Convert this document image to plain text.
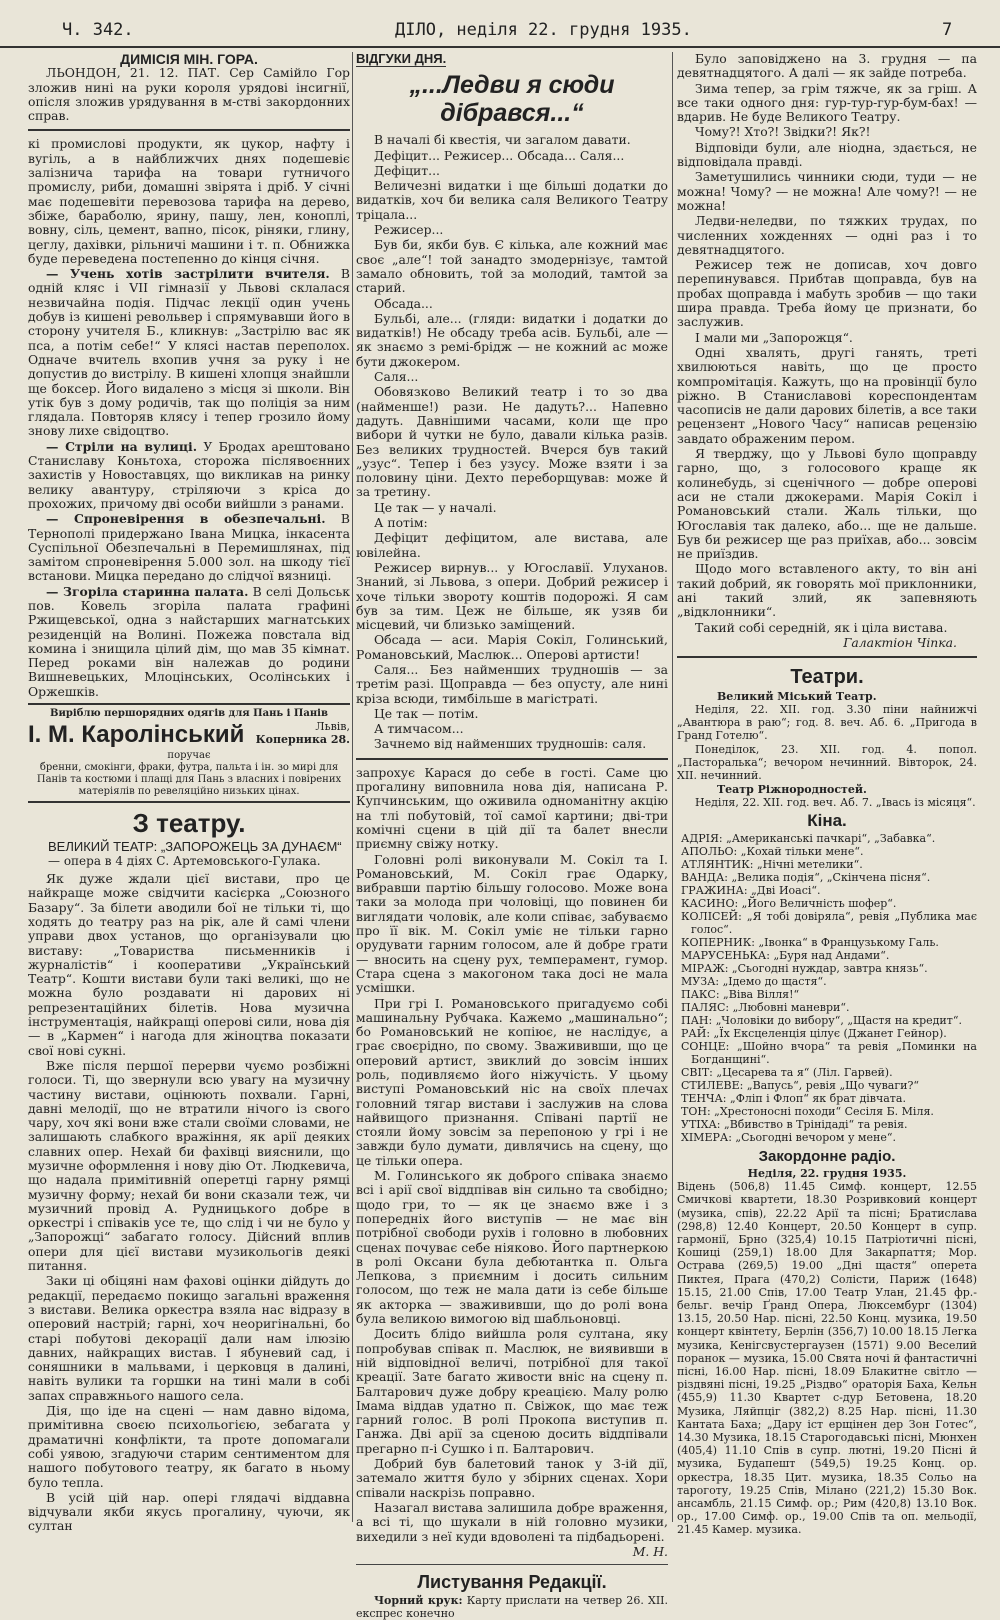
Ч. 342.	ДІЛО, неділя 22. грудня 1935.	7
ДИМІСІЯ МІН. ГОРА.

ЛЬОНДОН, 21. 12. ПАТ. Сер Самійло Гор зложив нині на руки короля урядові інсигнії, опісля зложив урядування в м-стві закордонних справ.

кі промислові продукти, як цукор, нафту і вугіль, а в найближчих днях подешевіє залізнича тарифа на товари гутничого промислу, риби, домашні звірята і дріб. У січні має подешевіти перевозова тарифа на дерево, збіже, бараболю, ярину, пашу, лен, коноплі, вовну, сіль, цемент, вапно, пісок, ріняки, глину, цеглу, дахівки, рільничі машини і т. п. Обнижка буде переведена постепенно до кінця січня.

— Учень хотів застрілити вчителя. В одній кляс і VII гімназії у Львові склалася незвичайна подія. Підчас лекції один учень добув із кишені револьвер і спрямувавши його в сторону учителя Б., кликнув: „Застрілю вас як пса, а потім себе!“ У клясі настав переполох. Одначе вчитель вхопив учня за руку і не допустив до вистрілу. В кишені хлопця знайшли ще боксер. Його видалено з місця зі школи. Він утік був з дому родичів, так що поліція за ним глядала. Повторяв клясу і тепер грозило йому знову лихе свідоцтво.

— Стріли на вулиці. У Бродах арештовано Станиславу Коньтоха, сторожа післявоєнних захистів у Новоставцях, що викликав на ринку велику авантуру, стріляючи з кріса до прохожих, причому дві особи вийшли з ранами.

— Спроневірення в обезпечальні. В Тернополі придержано Івана Мицка, інкасента Суспільної Обезпечальні в Перемишлянах, під замітом спроневірення 5.000 зол. на шкоду тієї встанови. Мицка передано до слідчої вязниці.

— Згоріла старинна палата. В селі Дольськ пов. Ковель згоріла палата графині Ржищевської, одна з найстарших магнатських резиденцій на Волині. Пожежа повстала від комина і знищила цілий дім, що мав 35 кімнат. Перед роками він належав до родини Вишневецьких, Млоцінських, Осолінських і Оржешків.

Виріблю першорядних одягів для Пань і Панів
Львів,
Коперника 28.
І. М. Каролінський
поручає
бренни, смокінги, фраки, футра, пальта і ін. зо мирі для Панів та костюми і плащі для Пань з власних і повірених матеріялів по ревеляційно низьких цінах.
З театру.
ВЕЛИКИЙ ТЕАТР: „ЗАПОРОЖЕЦЬ ЗА ДУНАЄМ“
— опера в 4 діях С. Артемовського-Гулака.

Як дуже ждали цієї вистави, про це найкраще може свідчити касієрка „Союзного Базару“. За білети аводили бої не тільки ті, що ходять до театру раз на рік, але й самі члени управи двох установ, що організували цю виставу: „Товариства письменників і журналістів“ і кооперативи „Український Театр“. Кошти вистави були такі великі, що не можна було роздавати ні дарових ні репрезентаційних білетів. Нова музична інструментація, найкращі оперові сили, нова дія — в „Кармен“ і нагода для жіноцтва показати свої нові сукні.

Вже після першої перерви чуємо розбіжні голоси. Ті, що звернули всю увагу на музичну частину вистави, оцінюють похвали. Гарні, давні мелодії, що не втратили нічого із свого чару, хоч які вони вже стали своїми словами, не залишають слабкого вражіння, як арії деяких славних опер. Нехай би фахівці вияснили, що музичне оформлення і нову дію От. Людкевича, що надала примітивній оперетці гарну рямці музичну форму; нехай би вони сказали теж, чи музичний провід А. Рудницького добре в оркестрі і співаків усе те, що слід і чи не було у „Запорожці“ забагато голосу. Дійсний вплив опери для цієї вистави музикольогів деякі питання.

Заки ці обіцяні нам фахові оцінки дійдуть до редакції, передаємо покищо загальні враження з вистави. Велика оркестра взяла нас відразу в оперовий настрій; гарні, хоч неоригінальні, бо старі побутові декорації дали нам ілюзію давних, найкращих вистав. І ябуневий сад, і соняшники в мальвами, і церковця в далині, навіть вулики та горшки на тині мали в собі запах справжнього нашого села.

Дія, що іде на сцені — нам давно відома, примітивна своєю психольогією, зебагата у драматичні конфлікти, та проте допомагали собі уявою, згадуючи старим сентиментом для нашого побутового театру, як багато в ньому було тепла.

В усій цій нар. опері глядачі віддавна відчували якби якусь прогалину, чуючи, як султан

ВІДГУКИ ДНЯ.
„...Ледви я сюди дібрався...“

В началі бі квестія, чи загалом давати.

Дефіцит... Режисер... Обсада... Саля...

Дефіцит...

Величезні видатки і ще більші додатки до видатків, хоч би велика саля Великого Театру тріцала...

Режисер...

Був би, якби був. Є кілька, але кожний має своє „але“! той занадто змодернізує, тамтой замало обновить, той за молодий, тамтой за старий.

Обсада...

Бульбі, але... (гляди: видатки і додатки до видатків!) Не обсаду треба асів. Бульбі, але — як знаємо з ремі-брідж — не кожний ас може бути джокером.

Саля...

Обовязково Великий театр і то зо два (найменше!) рази. Не дадуть?... Напевно дадуть. Давнішими часами, коли ще про вибори й чутки не було, давали кілька разів. Без великих трудностей. Вчерся був такий „узус“. Тепер і без узусу. Може взяти і за половину ціни. Дехто переборщував: може й за третину.

Це так — у началі.

А потім:

Дефіцит дефіцитом, але вистава, але ювілейна.

Режисер вирнув... у Югославії. Улуханов. Знаний, зі Львова, з опери. Добрий режисер і хоче тільки звороту коштів подорожі. Я сам був за тим. Цеж не більше, як узяв би місцевий, чи близько заміщений.

Обсада — аси. Марія Сокіл, Голинський, Романовський, Маслюк... Оперові артисти!

Саля... Без найменших трудношів — за третім разі. Щоправда — без опусту, але нині кріза всюди, тимбільше в магістраті.

Це так — потім.

А тимчасом...

Зачнемо від найменших трудношів: саля.

запрохує Карася до себе в гості. Саме цю прогалину виповнила нова дія, написана Р. Купчинським, що оживила одноманітну акцію на тлі побутовій, тої самої картини; дві-три комічні сцени в цій дії та балет внесли приємну свіжу нотку.

Головні ролі виконували М. Сокіл та І. Романовський, М. Сокіл грає Одарку, вибравши партію більшу голосово. Може вона таки за молода при чоловіці, що повинен би виглядати чоловік, але коли співає, забуваємо про її вік. М. Сокіл уміє не тільки гарно орудувати гарним голосом, але й добре грати — вносить на сцену рух, темперамент, гумор. Стара сцена з макогоном така досі не мала усмішки.

При грі І. Романовського пригадуємо собі машинальну Рубчака. Кажемо „машинально“; бо Романовський не копіює, не наслідує, а грає своєрідно, по свому. Зважививши, що це оперовий артист, звиклий до зовсім інших роль, подивляємо його ніжучість. У цьому виступі Романовський ніс на своїх плечах головний тягар вистави і заслужив на слова найвищого признання. Співані партії не стояли йому зовсім за перепоною у грі і не завжди було думати, дивлячись на сцену, що це тільки опера.

М. Голинського як доброго співака знаємо всі і арії свої віддпівав він сильно та свобідно; щодо гри, то — як це знаємо вже і з попередніх його виступів — не має він потрібної свободи рухів і головно в любовних сценах почуває себе ніяково. Його партнеркою в ролі Оксани була дебютантка п. Ольга Лепкова, з приємним і досить сильним голосом, що теж не мала дати із себе більше як акторка — зважививши, що до ролі вона була великою вимогою від шабльоновці.

Досить блідо вийшла роля султана, яку попробував співак п. Маслюк, не виявивши в ній відповідної величі, потрібної для такої креації. Зате багато живости вніс на сцену п. Балтарович дуже добру креацією. Малу ролю Імама віддав удатно п. Свіжок, що має теж гарний голос. В ролі Прокопа виступив п. Ганжа. Дві арії за сценою досить віддпівали прегарно п-і Сушко і п. Балтарович.

Добрий був балетовий танок у 3-ій дії, затемало життя було у збірних сценах. Хори співали наскрізь поправно.

Назагал вистава залишила добре враження, а всі ті, що шукали в ній головно музики, вихедили з неї куди вдоволені та підбадьорені.

М. Н.
Листування Редакції.

Чорний крук: Карту прислати на четвер 26. XII. експрес конечно

Було заповіджено на 3. грудня — па девятнадцятого. А далі — як зайде потреба.

Зима тепер, за грім тяжче, як за гріш. А все таки одного дня: гур-тур-гур-бум-бах! — вдарив. Не буде Великого Театру.

Чому?! Хто?! Звідки?! Як?!

Відповіди були, але ніодна, здається, не відповідала правді.

Заметушились чинники сюди, туди — не можна! Чому? — не можна! Але чому?! — не можна!

Ледви-неледви, по тяжких трудах, по численних хожденнях — одні раз і то девятнадцятого.

Режисер теж не дописав, хоч довго перепинувався. Прибтав щоправда, був на пробах щоправда і мабуть зробив — що таки шира правда. Треба йому це признати, бо заслужив.

І мали ми „Запорожця“.

Одні хвалять, другі ганять, треті хвилюються навіть, що це просто компромітація. Кажуть, що на провінції було ріжно. В Станиславові кореспондентам часописів не дали дарових білетів, а все таки рецензент „Нового Часу“ написав рецензію завдато ображеним пером.

Я тверджу, що у Львові було щоправду гарно, що, з голосового краще як колинебудь, зі сценічного — добре оперові аси не стали джокерами. Марія Сокіл і Романовський стали. Жаль тільки, що Югославія так далеко, або... ще не дальше. Був би режисер ще раз приїхав, або... зовсім не приїздив.

Щодо мого вставленого акту, то він ані такий добрий, як говорять мої приклонники, ані такий злий, як запевняють „відклонники“.

Такий собі середній, як і ціла вистава.

Галактіон Чіпка.
Театри.
Великий Міський Театр.

Неділя, 22. XII. год. 3.30 піни найнижчі „Авантюра в раю“; год. 8. веч. Аб. 6. „Пригода в Гранд Готелю“.

Понеділок, 23. XII. год. 4. попол. „Пасторалька“; вечором нечинний. Вівторок, 24. XII. нечинний.

Театр Ріжнородностей.

Неділя, 22. XII. год. веч. Аб. 7. „Івась із місяця“.

Кіна.
АДРІЯ: „Американські пачкарі“, „Забавка“.
АПОЛЬО: „Кохай тільки мене“.
АТЛЯНТИК: „Нічні метелики“.
ВАНДА: „Велика подія“, „Скінчена пісня“.
ГРАЖИНА: „Дві Иоасі“.
КАСИНО: „Його Величність шофер“.
КОЛІСЕЙ: „Я тобі довіряла“, ревія „Публика має голос“.
КОПЕРНИК: „Івонка“ в Французькому Галь.
МАРУСЕНЬКА: „Буря над Андами“.
МІРАЖ: „Сьогодні нуждар, завтра князь“.
МУЗА: „Ідемо до щастя“.
ПАКС: „Віва Вілля!“
ПАЛЯС: „Любовні маневри“.
ПАН: „Чоловіки до вибору“, „Щастя на кредит“.
РАЙ: „Їх Ексцеленція цілує (Джанет Гейнор).
СОНЦЕ: „Шойно вчора“ та ревія „Поминки на Богданщині“.
СВІТ: „Цесарева та я“ (Ліл. Гарвей).
СТИЛЕВЕ: „Вапусь“, ревія „Що чуваги?“
ТЕНЧА: „Фліп і Флоп“ як брат дівчата.
ТОН: „Хрестоносні походи“ Сесіля Б. Міля.
УТІХА: „Вбивство в Трінідаді“ та ревія.
ХІМЕРА: „Сьогодні вечором у мене“.
Закордонне радіо.
Неділя, 22. грудня 1935.

Відень (506,8) 11.45 Симф. концерт, 12.55 Смичкові квартети, 18.30 Розривковий концерт (музика, спів), 22.22 Арії та пісні; Братислава (298,8) 12.40 Концерт, 20.50 Концерт в супр. гармонії, Брно (325,4) 10.15 Патріотичні пісні, Кошиці (259,1) 18.00 Для Закарпаття; Мор. Острава (269,5) 19.00 „Дні щастя“ оперета Пиктея, Прага (470,2) Солісти, Париж (1648) 15.15, 21.00 Спів, 17.00 Театр Улан, 21.45 фр.-бельг. вечір Ґранд Опера, Люксембург (1304) 13.15, 20.50 Нар. пісні, 22.50 Конц. музика, 19.50 концерт квінтету, Берлін (356,7) 10.00 18.15 Легка музика, Кенігсвустергаузен (1571) 9.00 Веселий поранок — музика, 15.00 Свята ночі й фантастичні пісні, 16.00 Нар. пісні, 18.09 Блакитне світло — різдвяні пісні, 19.25 „Різдво“ ораторія Баха, Кельн (455,9) 11.30 Квартет с-дур Бетовена, 18.20 Музика, Ляйпціг (382,2) 8.25 Нар. пісні, 11.30 Кантата Баха; „Дару іст ерщінен дер Зон Готес“, 14.30 Музика, 18.15 Старогодавські пісні, Мюнхен (405,4) 11.10 Спів в супр. лютні, 19.20 Пісні й музика, Будапешт (549,5) 19.25 Конц. ор. оркестра, 18.35 Цит. музика, 18.35 Сольо на тароготу, 19.25 Спів, Мілано (221,2) 15.30 Вок. ансамбль, 21.15 Симф. ор.; Рим (420,8) 13.10 Вок. ор., 17.00 Симф. ор., 19.00 Спів та оп. мельодії, 21.45 Камер. музика.
